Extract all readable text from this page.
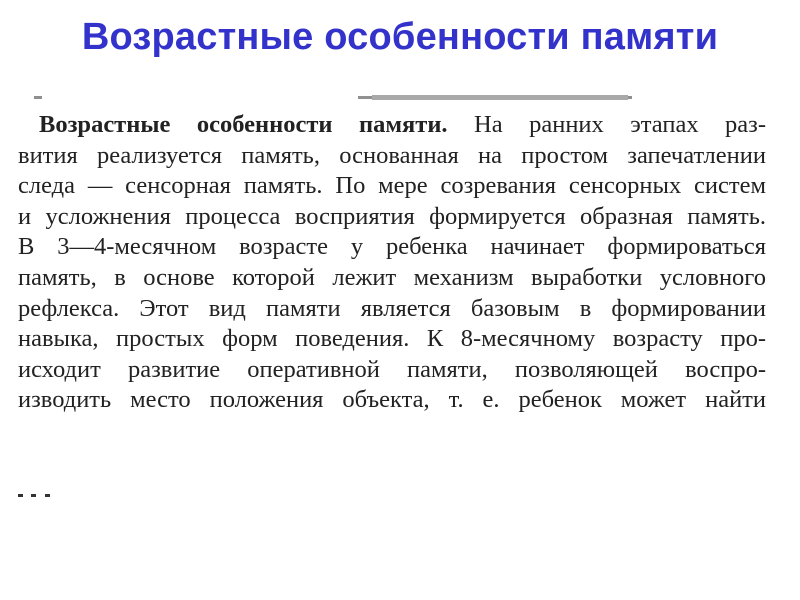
Возрастные особенности памяти
Возрастные особенности памяти. На ранних этапах раз-
вития реализуется память, основанная на простом запечатлении
следа — сенсорная память. По мере созревания сенсорных систем
и усложнения процесса восприятия формируется образная память.
В 3—4-месячном возрасте у ребенка начинает формироваться
память, в основе которой лежит механизм выработки условного
рефлекса. Этот вид памяти является базовым в формировании
навыка, простых форм поведения. К 8-месячному возрасту про-
исходит развитие оперативной памяти, позволяющей воспро-
изводить место положения объекта, т. е. ребенок может найти
